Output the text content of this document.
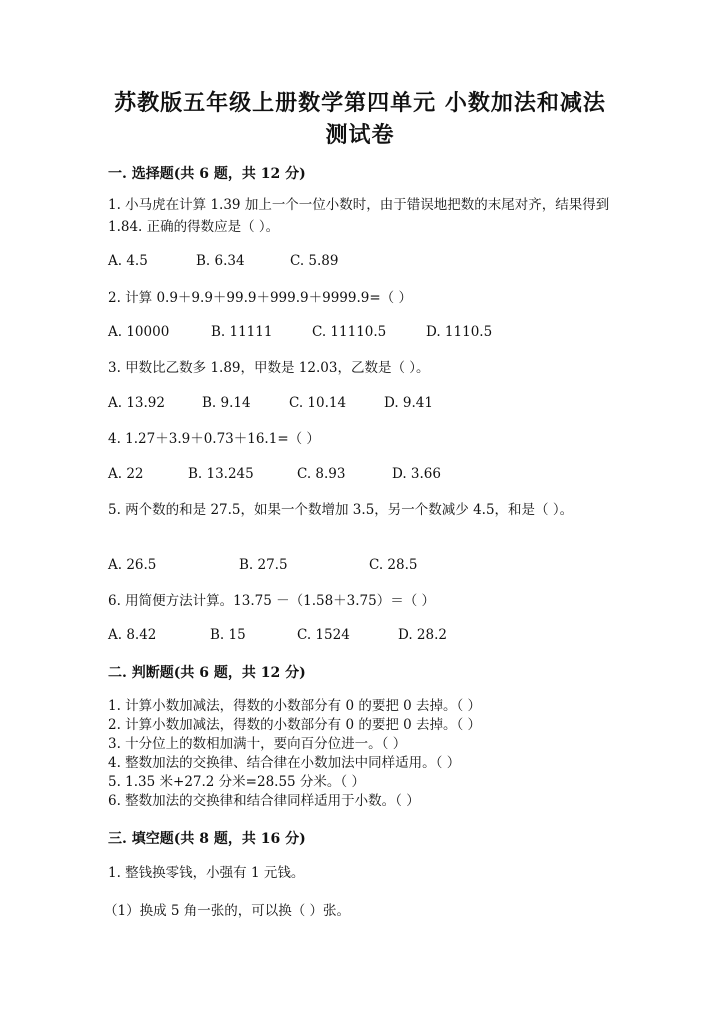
苏教版五年级上册数学第四单元 小数加法和减法
测试卷
一. 选择题(共 6 题，共 12 分)
1. 小马虎在计算 1.39 加上一个一位小数时，由于错误地把数的末尾对齐，结果得到 1.84. 正确的得数应是（ ）。
A. 4.5	B. 6.34	C. 5.89
2. 计算 0.9＋9.9＋99.9＋999.9＋9999.9=（ ）
A. 10000	B. 11111	C. 11110.5	D. 1110.5
3. 甲数比乙数多 1.89，甲数是 12.03，乙数是（ ）。
A. 13.92	B. 9.14	C. 10.14	D. 9.41
4. 1.27＋3.9＋0.73＋16.1=（ ）
A. 22	B. 13.245	C. 8.93	D. 3.66
5. 两个数的和是 27.5，如果一个数增加 3.5，另一个数减少 4.5，和是（ ）。
A. 26.5	B. 27.5	C. 28.5
6. 用简便方法计算。13.75 －（1.58＋3.75）＝（ ）
A. 8.42	B. 15	C. 1524	D. 28.2
二. 判断题(共 6 题，共 12 分)
1. 计算小数加减法，得数的小数部分有 0 的要把 0 去掉。（ ）
2. 计算小数加减法，得数的小数部分有 0 的要把 0 去掉。（ ）
3. 十分位上的数相加满十，要向百分位进一。（ ）
4. 整数加法的交换律、结合律在小数加法中同样适用。（ ）
5. 1.35 米+27.2 分米=28.55 分米。（ ）
6. 整数加法的交换律和结合律同样适用于小数。（ ）
三. 填空题(共 8 题，共 16 分)
1. 整钱换零钱，小强有 1 元钱。
（1）换成 5 角一张的，可以换（ ）张。
